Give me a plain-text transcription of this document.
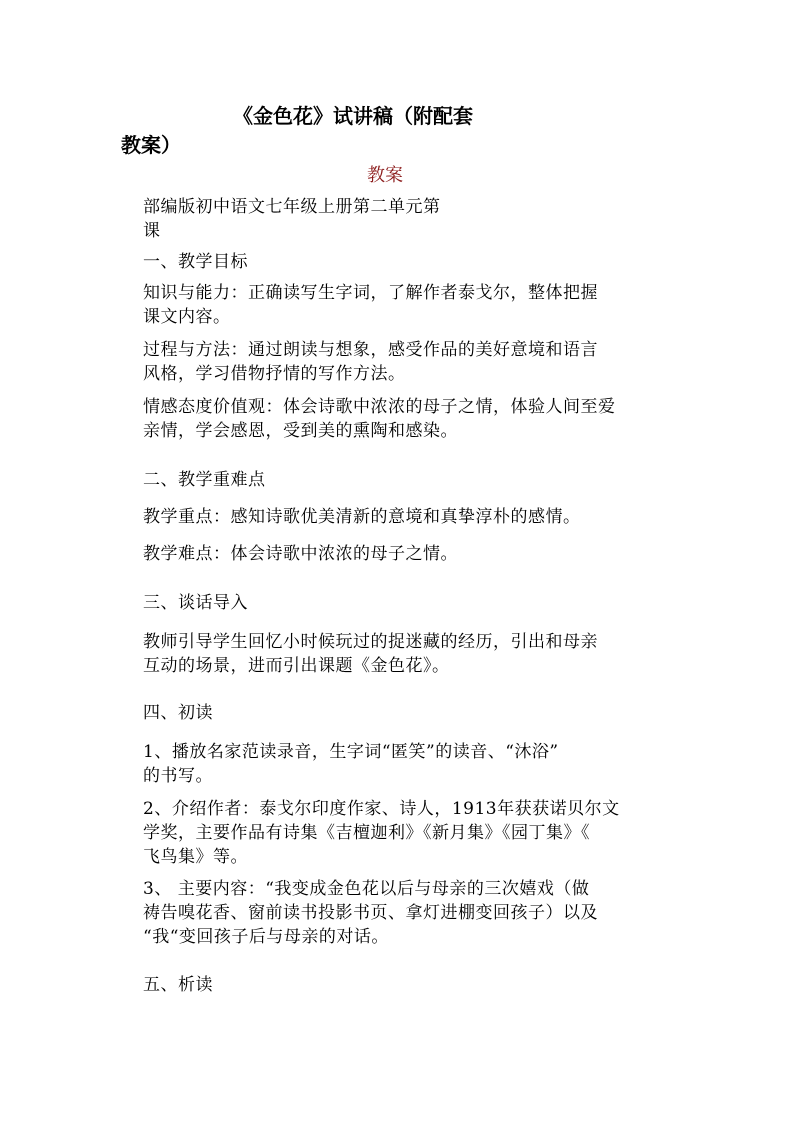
《金色花》试讲稿（附配套
教案）
教案
部编版初中语文七年级上册第二单元第
课
一、教学目标
知识与能力：正确读写生字词，了解作者泰戈尔，整体把握
课文内容。
过程与方法：通过朗读与想象，感受作品的美好意境和语言
风格，学习借物抒情的写作方法。
情感态度价值观：体会诗歌中浓浓的母子之情，体验人间至爱
亲情，学会感恩，受到美的熏陶和感染。
二、教学重难点
教学重点：感知诗歌优美清新的意境和真挚淳朴的感情。
教学难点：体会诗歌中浓浓的母子之情。
三、谈话导入
教师引导学生回忆小时候玩过的捉迷藏的经历，引出和母亲
互动的场景，进而引出课题《金色花》。
四、初读
1、播放名家范读录音，生字词“匿笑”的读音、“沐浴”
的书写。
2、介绍作者：泰戈尔印度作家、诗人，1913年获获诺贝尔文
学奖，主要作品有诗集《吉檀迦利》《新月集》《园丁集》《
飞鸟集》等。
3、 主要内容：“我变成金色花以后与母亲的三次嬉戏（做
祷告嗅花香、窗前读书投影书页、拿灯进棚变回孩子）以及
“我“变回孩子后与母亲的对话。
五、析读
